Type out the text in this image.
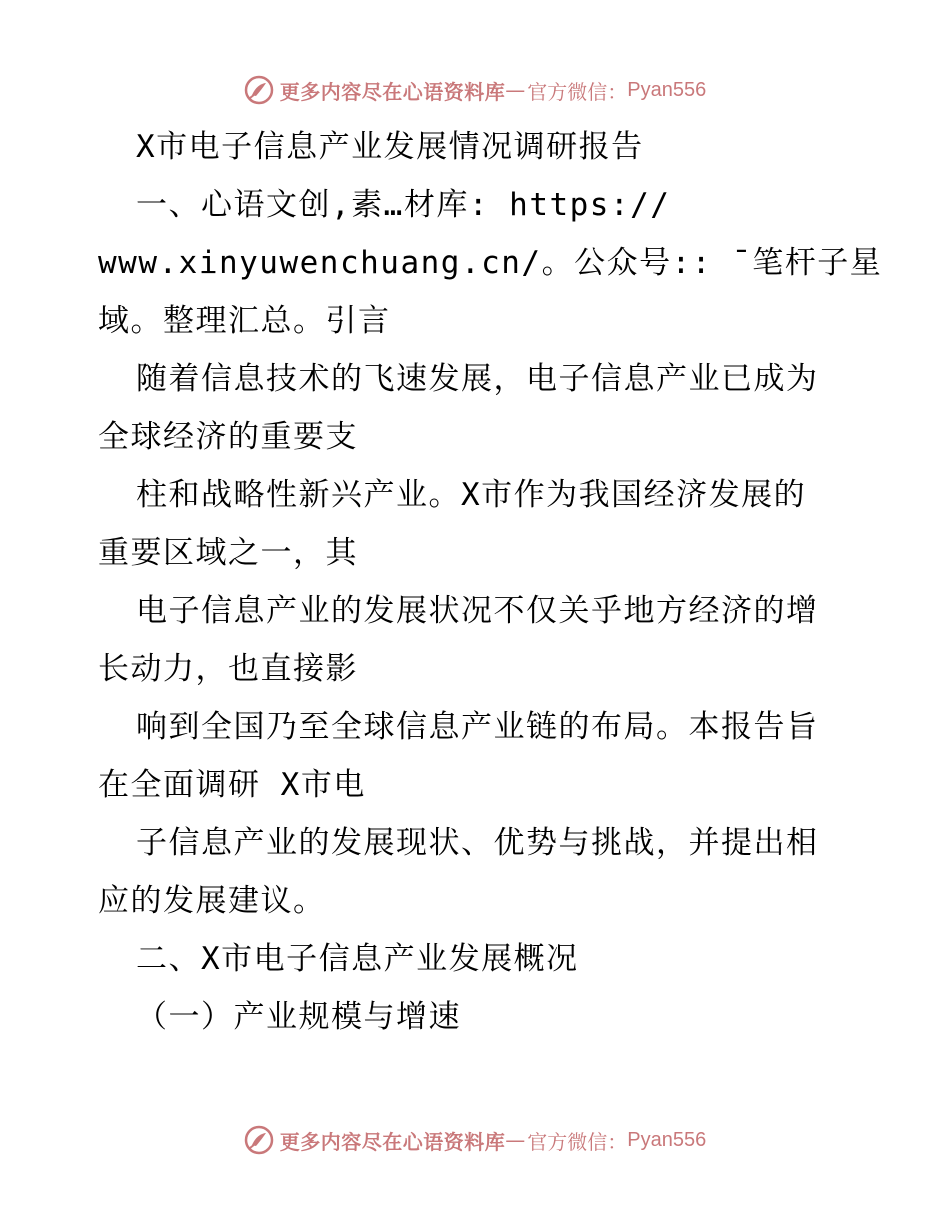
更多内容尽在心语资料库 — 官方微信： Pyan556
X市电子信息产业发展情况调研报告
一、心语文创,素…材库: https://
www.xinyuwenchuang.cn/。公众号:: ¯笔杆子星
域。整理汇总。引言
随着信息技术的飞速发展，电子信息产业已成为
全球经济的重要支
柱和战略性新兴产业。X市作为我国经济发展的
重要区域之一，其
电子信息产业的发展状况不仅关乎地方经济的增
长动力，也直接影
响到全国乃至全球信息产业链的布局。本报告旨
在全面调研 X市电
子信息产业的发展现状、优势与挑战，并提出相
应的发展建议。
二、X市电子信息产业发展概况
（一）产业规模与增速
更多内容尽在心语资料库 — 官方微信： Pyan556
